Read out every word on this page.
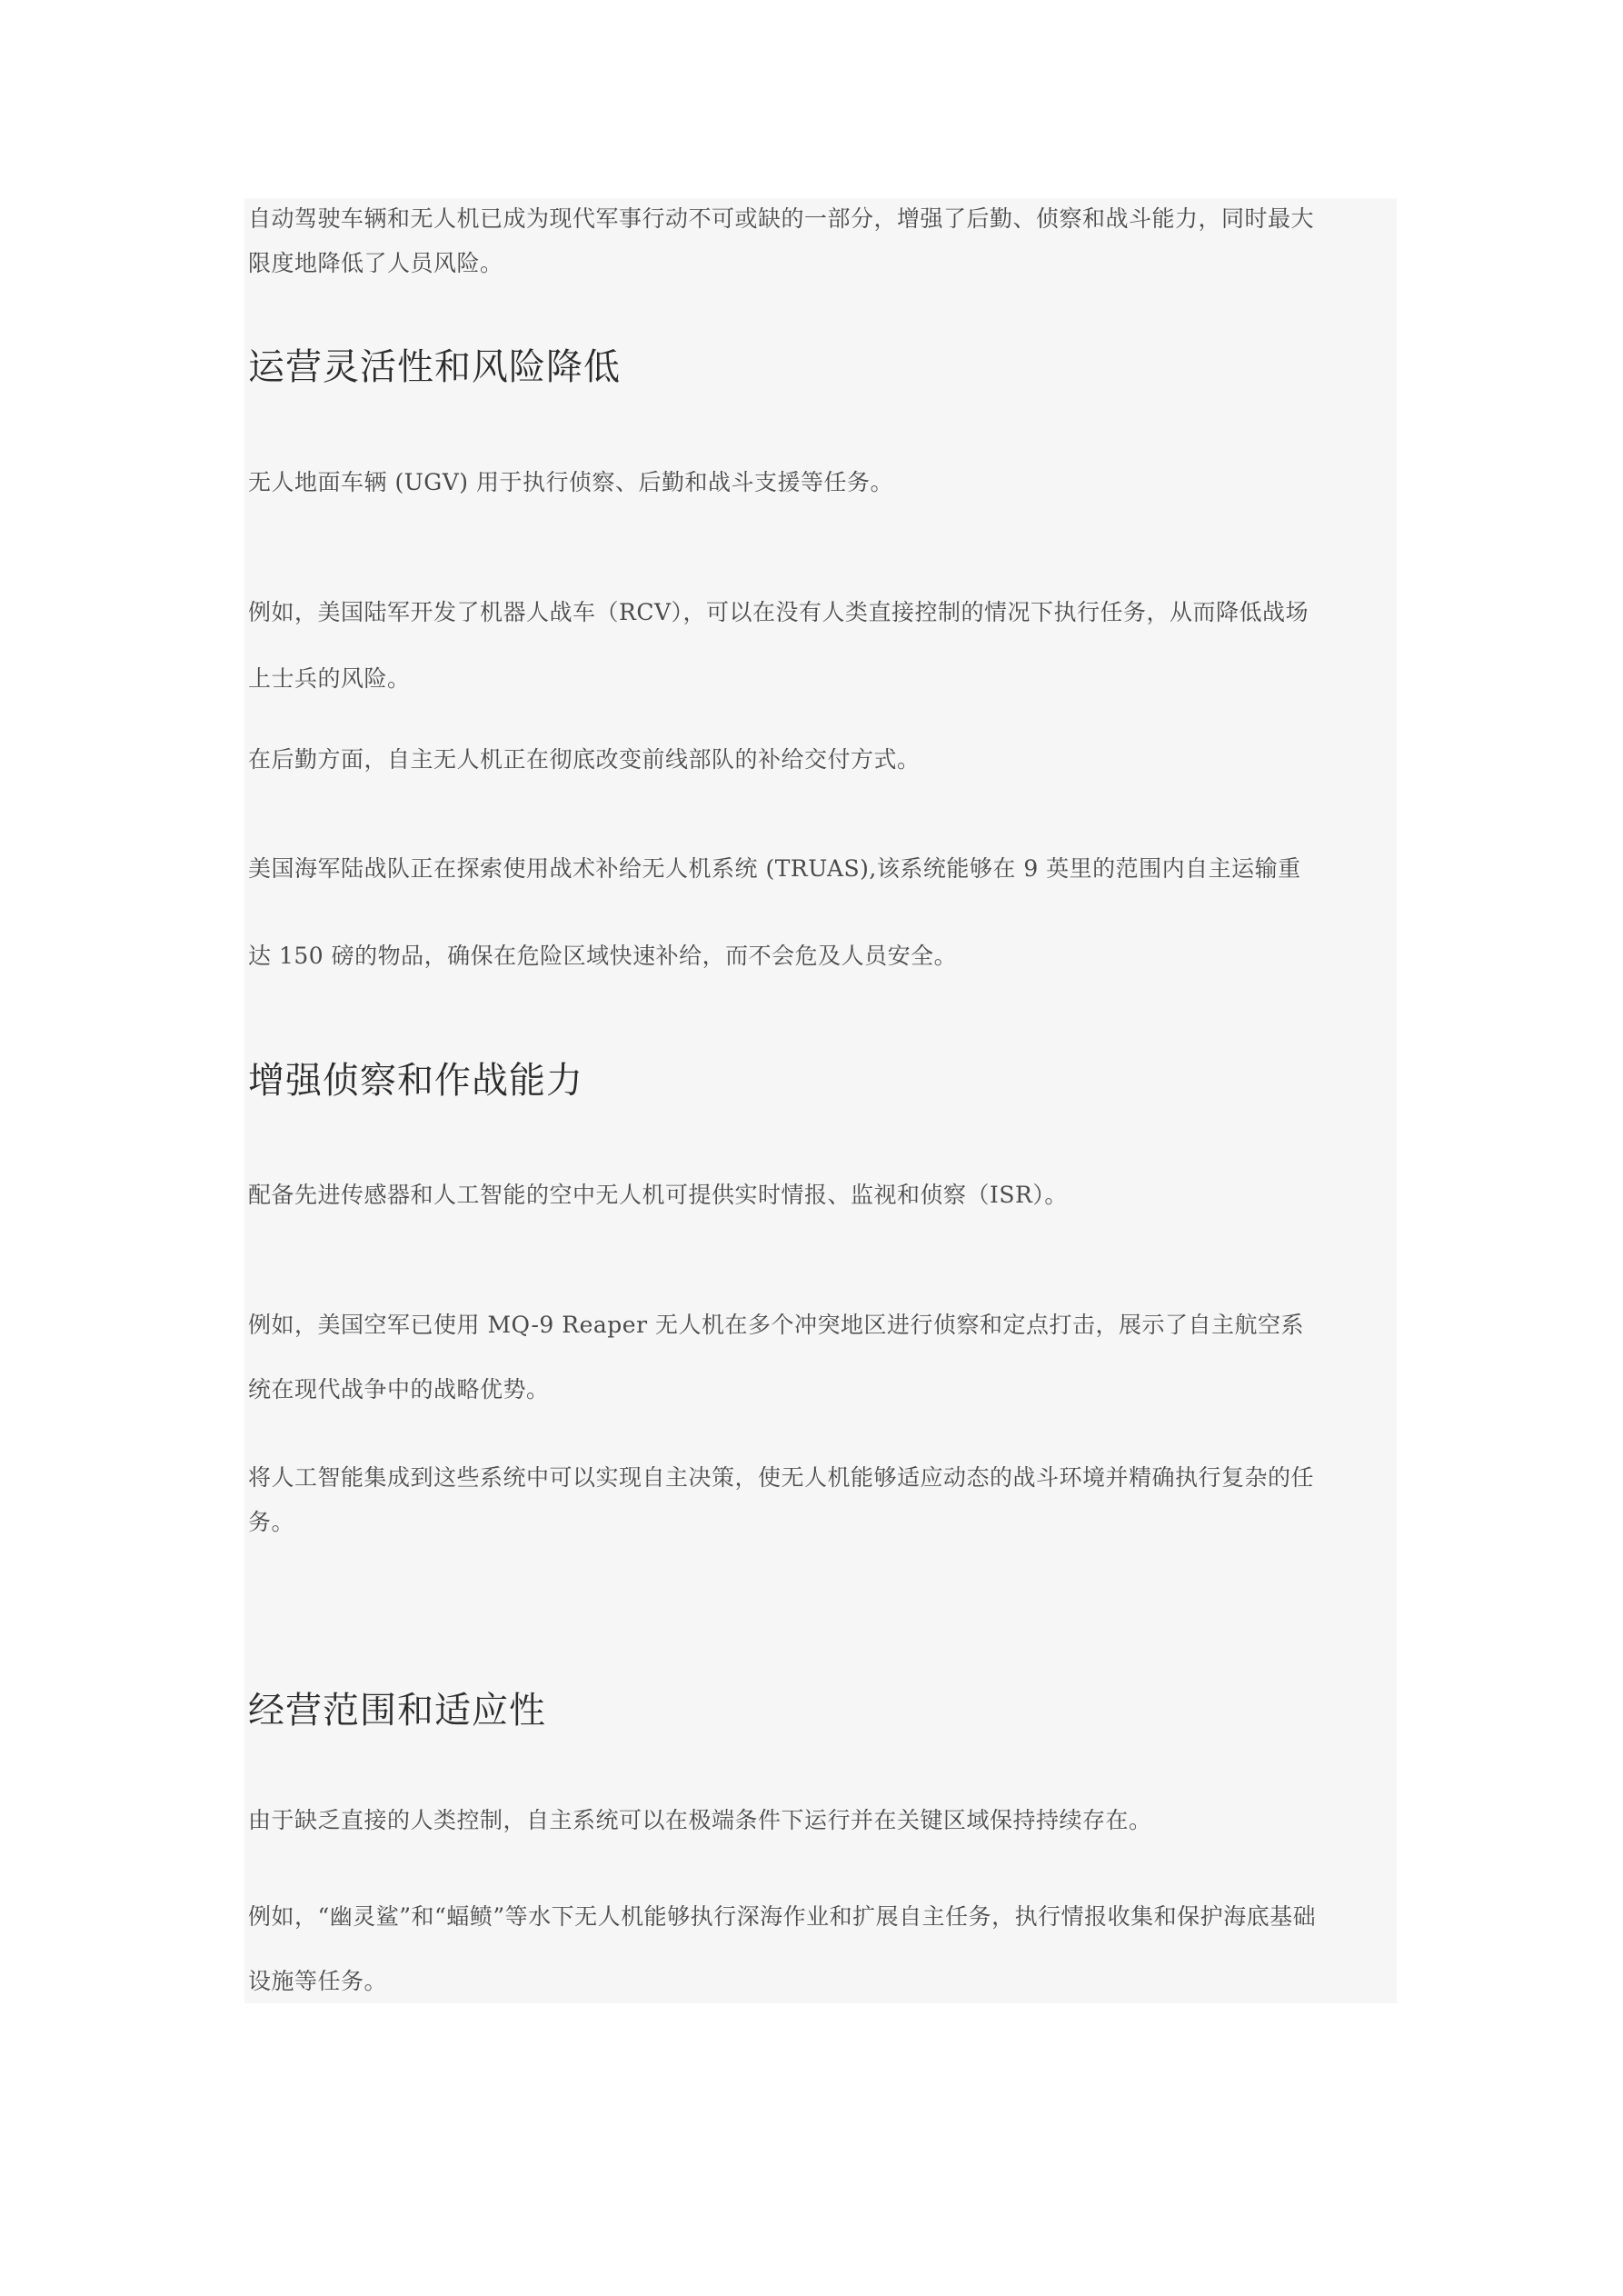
自动驾驶车辆和无人机已成为现代军事行动不可或缺的一部分，增强了后勤、侦察和战斗能力，同时最大
限度地降低了人员风险。
运营灵活性和风险降低
无人地面车辆 (UGV) 用于执行侦察、后勤和战斗支援等任务。
例如，美国陆军开发了机器人战车（RCV），可以在没有人类直接控制的情况下执行任务，从而降低战场
上士兵的风险。
在后勤方面，自主无人机正在彻底改变前线部队的补给交付方式。
美国海军陆战队正在探索使用战术补给无人机系统 (TRUAS),该系统能够在 9 英里的范围内自主运输重
达 150 磅的物品，确保在危险区域快速补给，而不会危及人员安全。
增强侦察和作战能力
配备先进传感器和人工智能的空中无人机可提供实时情报、监视和侦察（ISR）。
例如，美国空军已使用 MQ-9 Reaper 无人机在多个冲突地区进行侦察和定点打击，展示了自主航空系
统在现代战争中的战略优势。
将人工智能集成到这些系统中可以实现自主决策，使无人机能够适应动态的战斗环境并精确执行复杂的任
务。
经营范围和适应性
由于缺乏直接的人类控制，自主系统可以在极端条件下运行并在关键区域保持持续存在。
例如，“幽灵鲨”和“蝠鲼”等水下无人机能够执行深海作业和扩展自主任务，执行情报收集和保护海底基础
设施等任务。
